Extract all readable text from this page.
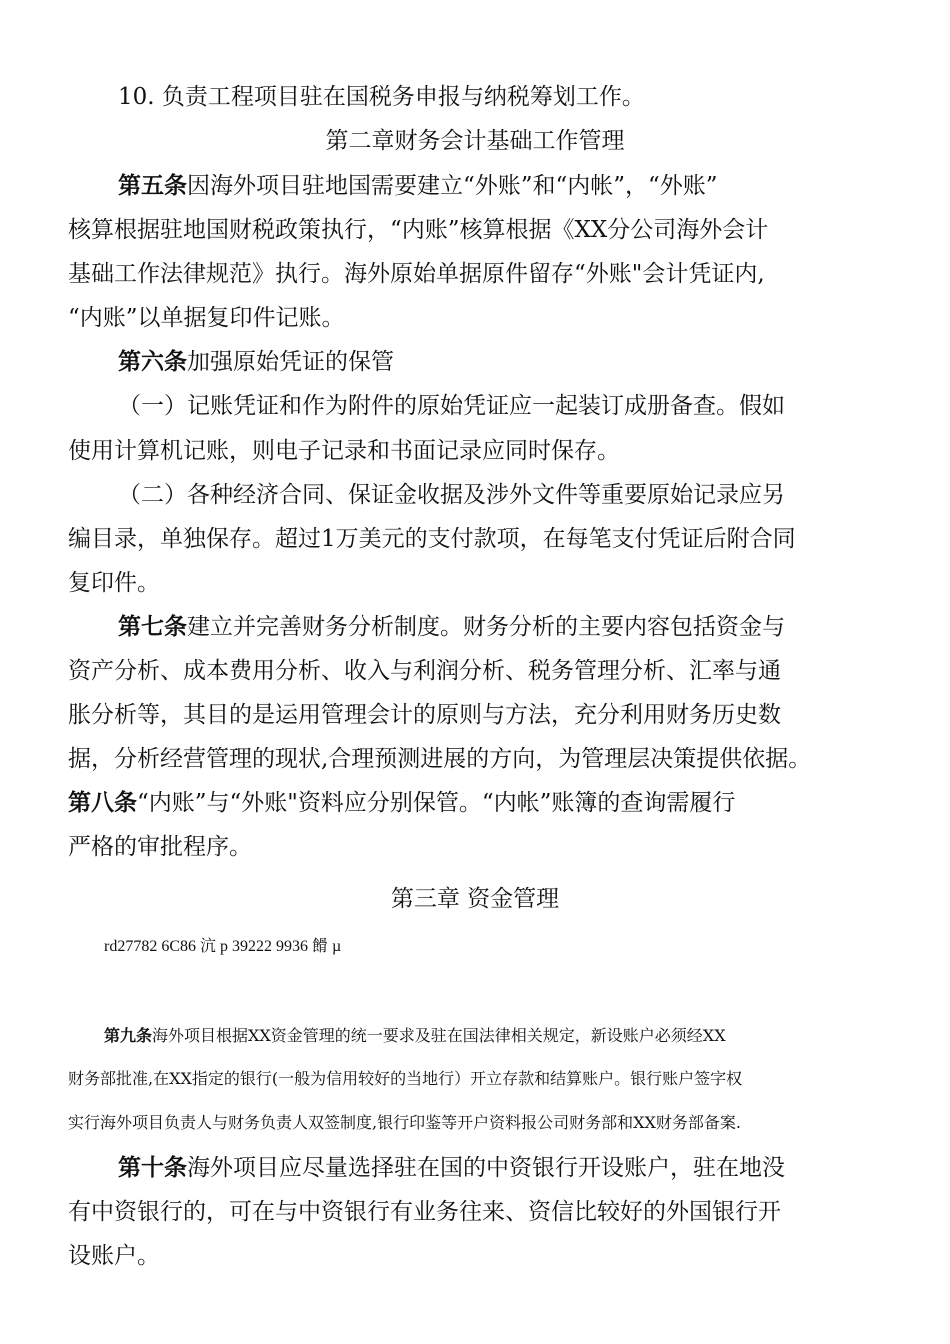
10. 负责工程项目驻在国税务申报与纳税筹划工作。
第二章财务会计基础工作管理
第五条因海外项目驻地国需要建立“外账”和“内帐”，“外账”
核算根据驻地国财税政策执行，“内账”核算根据《XX分公司海外会计
基础工作法律规范》执行。海外原始单据原件留存“外账"会计凭证内,
“内账”以单据复印件记账。
第六条加强原始凭证的保管
（一）记账凭证和作为附件的原始凭证应一起装订成册备查。假如
使用计算机记账，则电子记录和书面记录应同时保存。
（二）各种经济合同、保证金收据及涉外文件等重要原始记录应另
编目录，单独保存。超过1万美元的支付款项，在每笔支付凭证后附合同
复印件。
第七条建立并完善财务分析制度。财务分析的主要内容包括资金与
资产分析、成本费用分析、收入与利润分析、税务管理分析、汇率与通
胀分析等，其目的是运用管理会计的原则与方法，充分利用财务历史数
据，分析经营管理的现状,合理预测进展的方向，为管理层决策提供依据。
第八条“内账”与“外账"资料应分别保管。“内帐”账簿的查询需履行
严格的审批程序。
第三章 资金管理
rd27782 6C86 沆 p 39222 9936 餶 µ
第九条海外项目根据XX资金管理的统一要求及驻在国法律相关规定，新设账户必须经XX
财务部批准,在XX指定的银行(一般为信用较好的当地行）开立存款和结算账户。银行账户签字权
实行海外项目负责人与财务负责人双签制度,银行印鉴等开户资料报公司财务部和XX财务部备案.
第十条海外项目应尽量选择驻在国的中资银行开设账户，驻在地没
有中资银行的，可在与中资银行有业务往来、资信比较好的外国银行开
设账户。
